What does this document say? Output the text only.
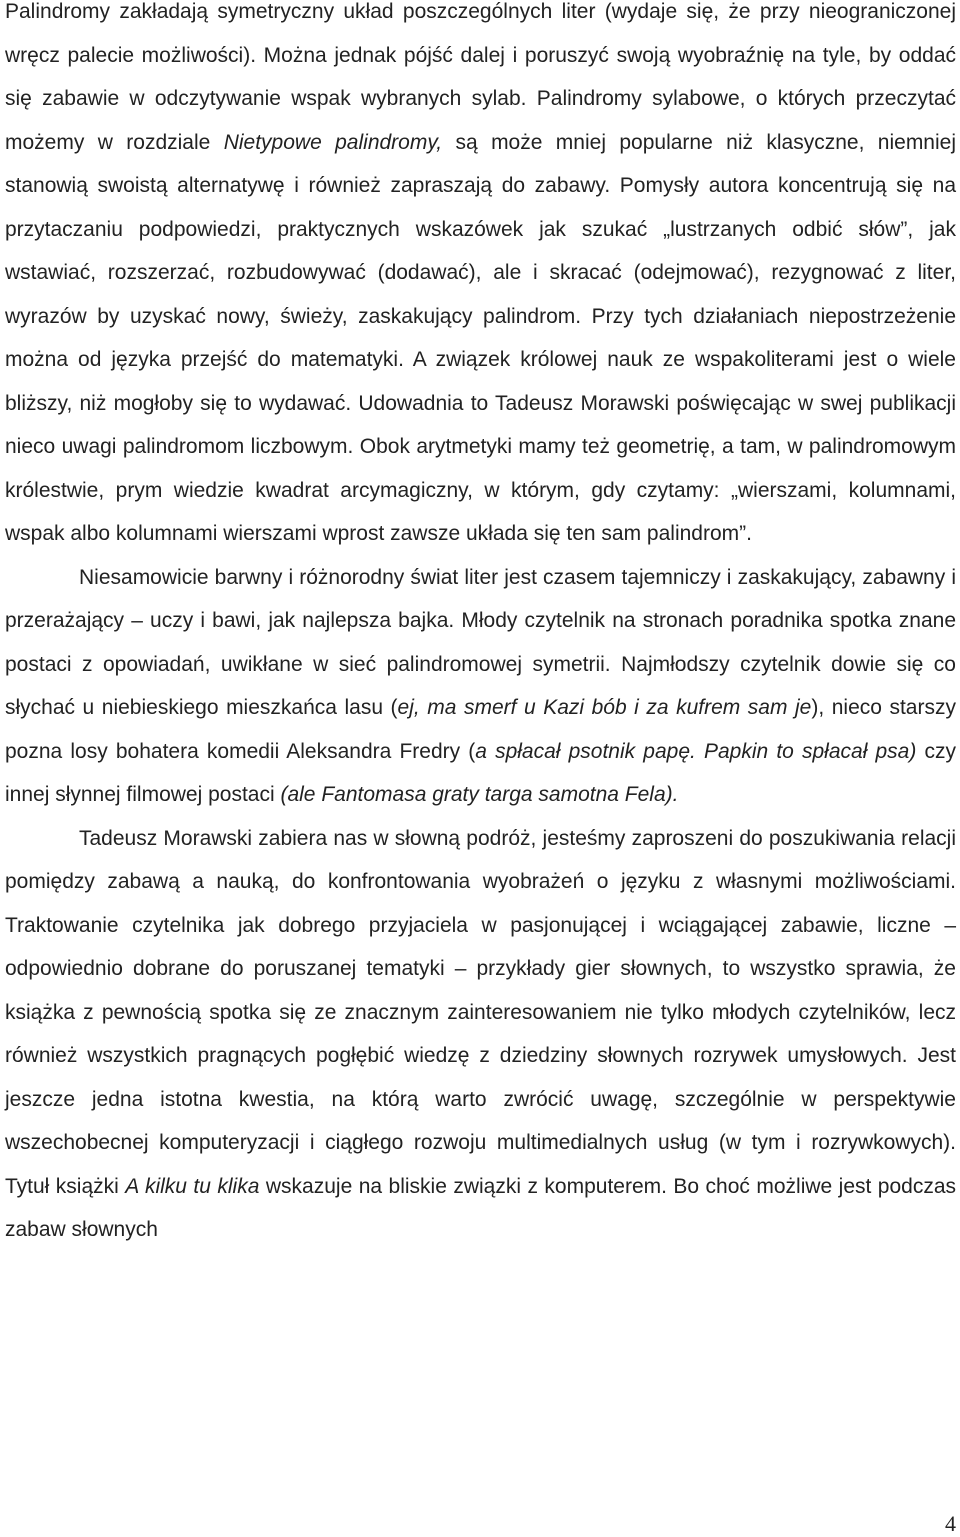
Palindromy zakładają symetryczny układ poszczególnych liter (wydaje się, że przy nieograniczonej wręcz palecie możliwości). Można jednak pójść dalej i poruszyć swoją wyobraźnię na tyle, by oddać się zabawie w odczytywanie wspak wybranych sylab. Palindromy sylabowe, o których przeczytać możemy w rozdziale Nietypowe palindromy, są może mniej popularne niż klasyczne, niemniej stanowią swoistą alternatywę i również zapraszają do zabawy. Pomysły autora koncentrują się na przytaczaniu podpowiedzi, praktycznych wskazówek jak szukać „lustrzanych odbić słów”, jak wstawiać, rozszerzać, rozbudowywać (dodawać), ale i skracać (odejmować), rezygnować z liter, wyrazów by uzyskać nowy, świeży, zaskakujący palindrom. Przy tych działaniach niepostrzeżenie można od języka przejść do matematyki. A związek królowej nauk ze wspakoliterami jest o wiele bliższy, niż mogłoby się to wydawać. Udowadnia to Tadeusz Morawski poświęcając w swej publikacji nieco uwagi palindromom liczbowym. Obok arytmetyki mamy też geometrię, a tam, w palindromowym królestwie, prym wiedzie kwadrat arcymagiczny, w którym, gdy czytamy: „wierszami, kolumnami, wspak albo kolumnami wierszami wprost zawsze układa się ten sam palindrom”.

Niesamowicie barwny i różnorodny świat liter jest czasem tajemniczy i zaskakujący, zabawny i przerażający – uczy i bawi, jak najlepsza bajka. Młody czytelnik na stronach poradnika spotka znane postaci z opowiadań, uwikłane w sieć palindromowej symetrii. Najmłodszy czytelnik dowie się co słychać u niebieskiego mieszkańca lasu (ej, ma smerf u Kazi bób i za kufrem sam je), nieco starszy pozna losy bohatera komedii Aleksandra Fredry (a spłacał psotnik papę. Papkin to spłacał psa) czy innej słynnej filmowej postaci (ale Fantomasa graty targa samotna Fela).

Tadeusz Morawski zabiera nas w słowną podróż, jesteśmy zaproszeni do poszukiwania relacji pomiędzy zabawą a nauką, do konfrontowania wyobrażeń o języku z własnymi możliwościami. Traktowanie czytelnika jak dobrego przyjaciela w pasjonującej i wciągającej zabawie, liczne – odpowiednio dobrane do poruszanej tematyki – przykłady gier słownych, to wszystko sprawia, że książka z pewnością spotka się ze znacznym zainteresowaniem nie tylko młodych czytelników, lecz również wszystkich pragnących pogłębić wiedzę z dziedziny słownych rozrywek umysłowych. Jest jeszcze jedna istotna kwestia, na którą warto zwrócić uwagę, szczególnie w perspektywie wszechobecnej komputeryzacji i ciągłego rozwoju multimedialnych usług (w tym i rozrywkowych). Tytuł książki A kilku tu klika wskazuje na bliskie związki z komputerem. Bo choć możliwe jest podczas zabaw słownych

4
